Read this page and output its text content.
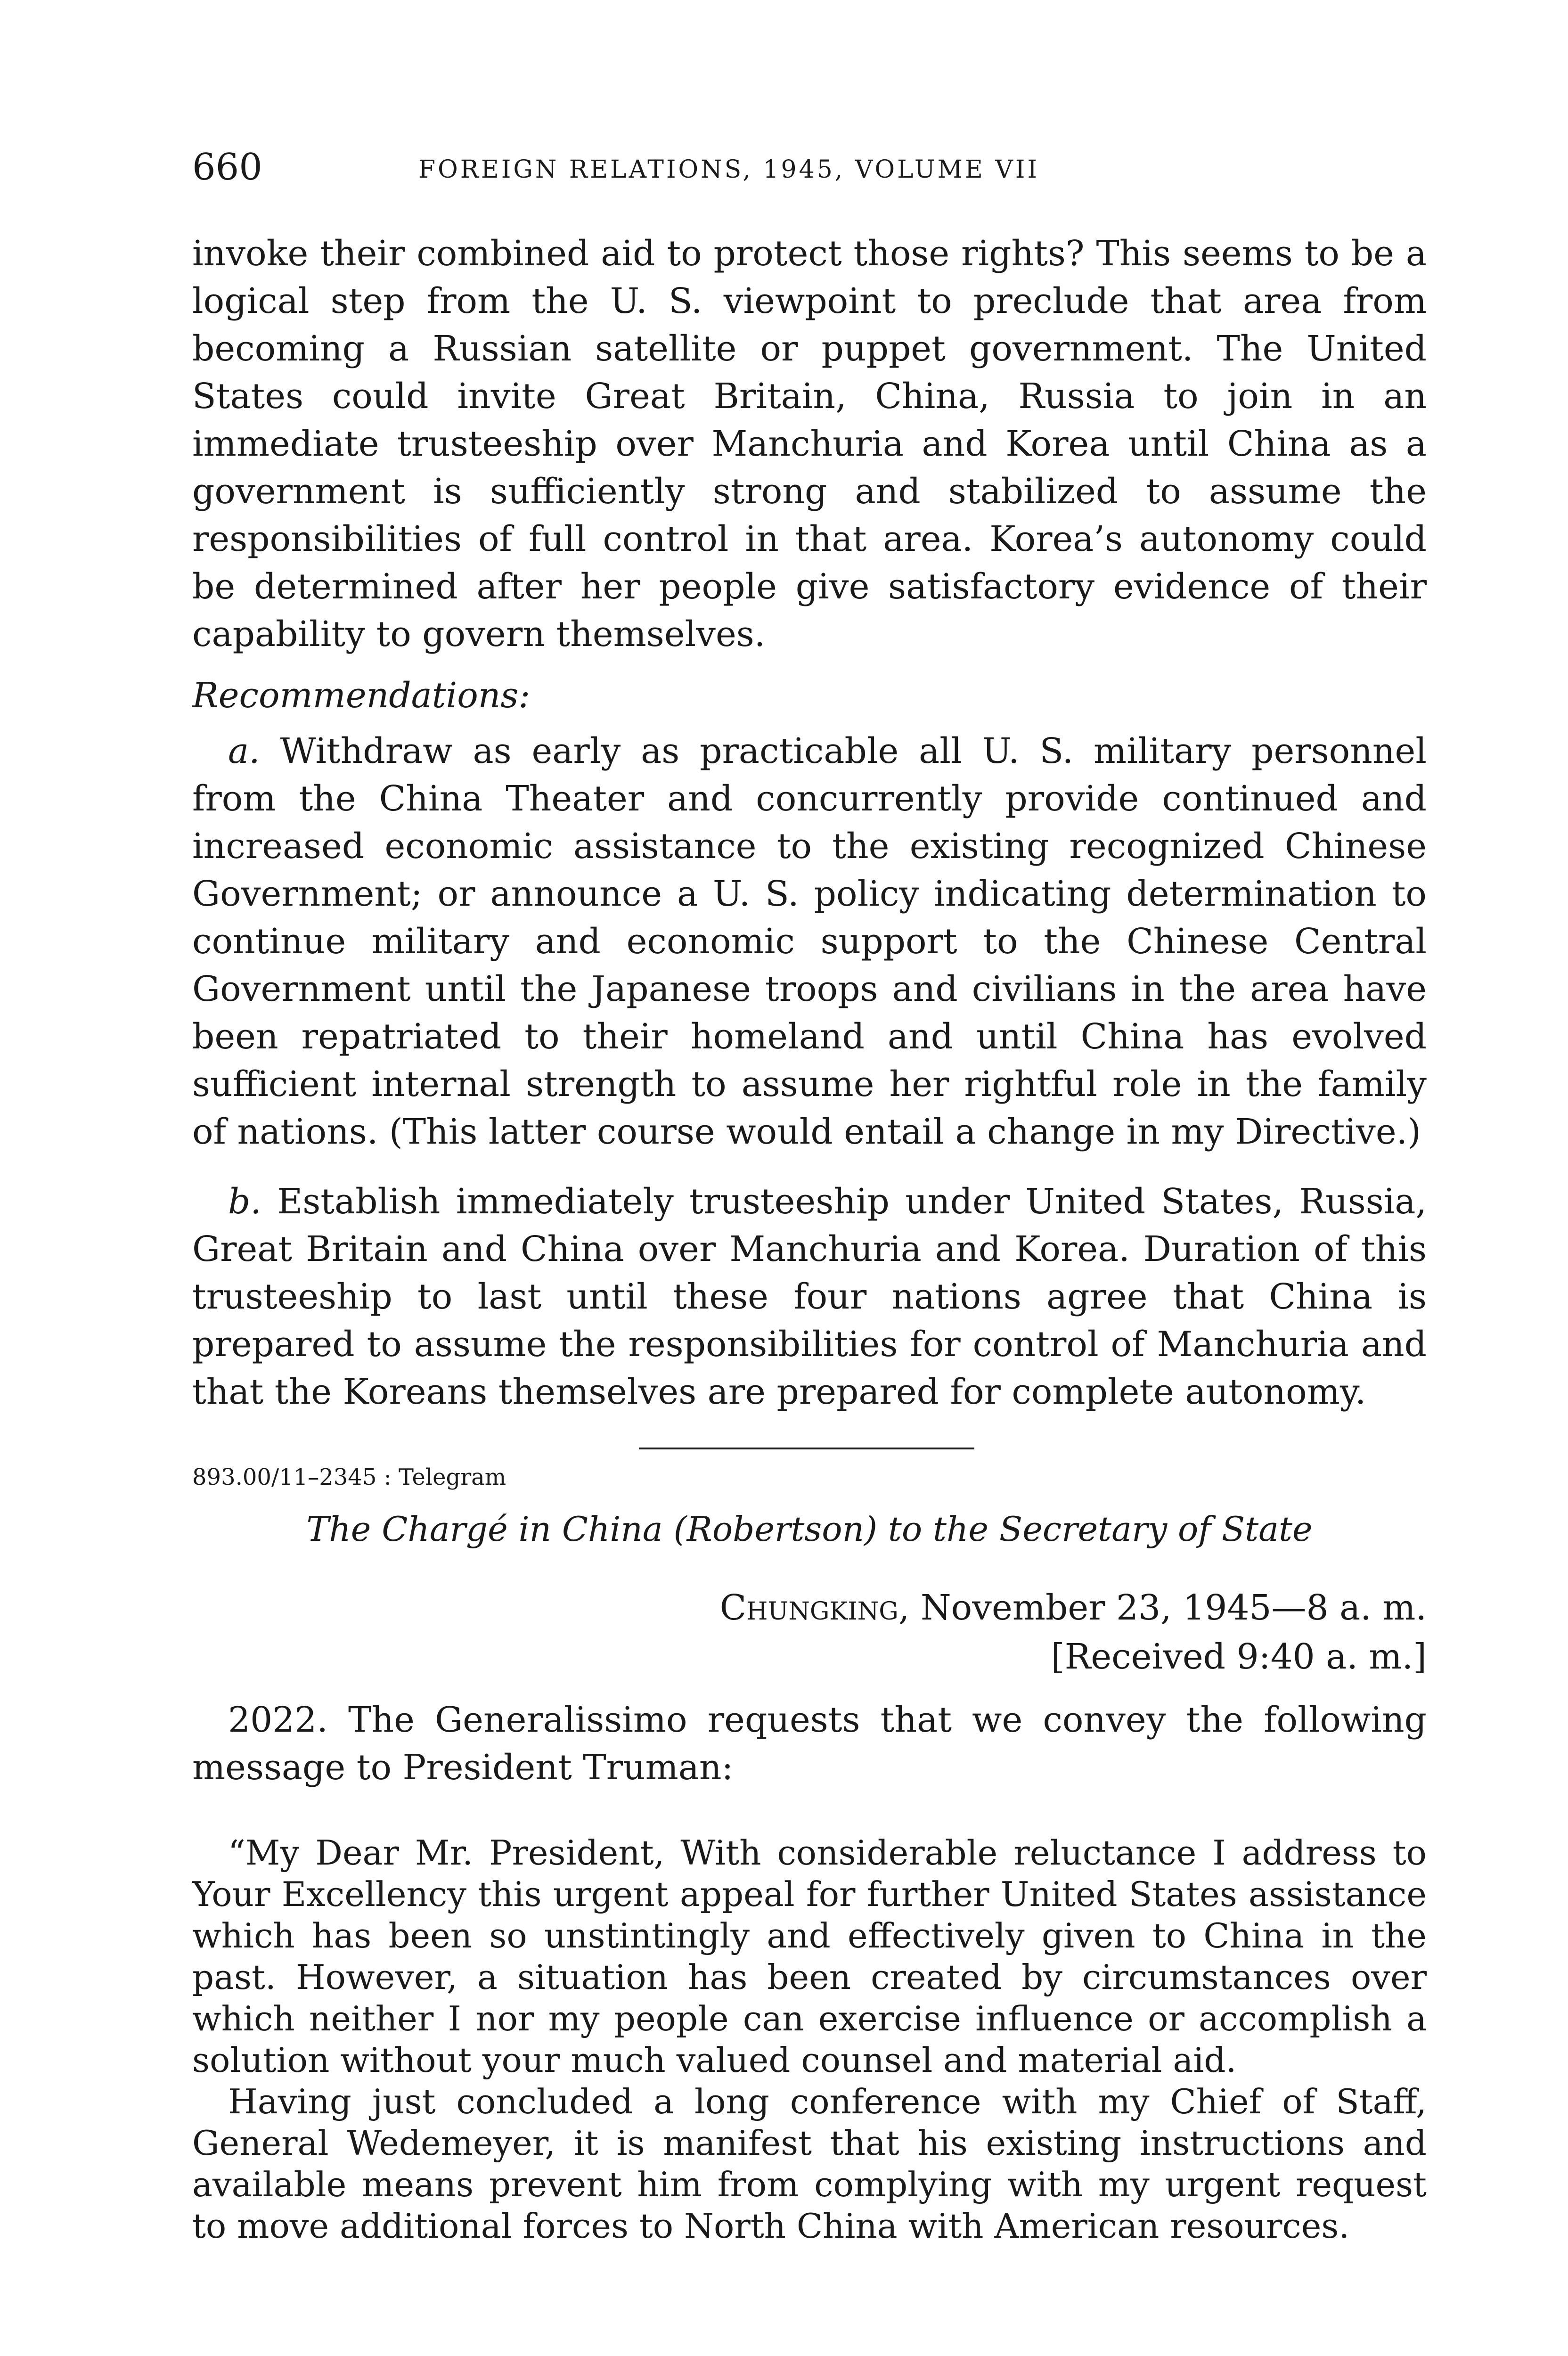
660	FOREIGN RELATIONS, 1945, VOLUME VII

invoke their combined aid to protect those rights? This seems to be a logical step from the U. S. viewpoint to preclude that area from becoming a Russian satellite or puppet government. The United States could invite Great Britain, China, Russia to join in an immediate trusteeship over Manchuria and Korea until China as a government is sufficiently strong and stabilized to assume the responsibilities of full control in that area. Korea’s autonomy could be determined after her people give satisfactory evidence of their capability to govern themselves.

Recommendations:

a. Withdraw as early as practicable all U. S. military personnel from the China Theater and concurrently provide continued and increased economic assistance to the existing recognized Chinese Government; or announce a U. S. policy indicating determination to continue military and economic support to the Chinese Central Government until the Japanese troops and civilians in the area have been repatriated to their homeland and until China has evolved sufficient internal strength to assume her rightful role in the family of nations. (This latter course would entail a change in my Directive.)

b. Establish immediately trusteeship under United States, Russia, Great Britain and China over Manchuria and Korea. Duration of this trusteeship to last until these four nations agree that China is prepared to assume the responsibilities for control of Manchuria and that the Koreans themselves are prepared for complete autonomy.

893.00/11–2345 : Telegram
The Chargé in China (Robertson) to the Secretary of State

Chungking, November 23, 1945—8 a. m.

[Received 9:40 a. m.]

2022. The Generalissimo requests that we convey the following message to President Truman:

“My Dear Mr. President, With considerable reluctance I address to Your Excellency this urgent appeal for further United States assistance which has been so unstintingly and effectively given to China in the past. However, a situation has been created by circumstances over which neither I nor my people can exercise influence or accomplish a solution without your much valued counsel and material aid.

Having just concluded a long conference with my Chief of Staff, General Wedemeyer, it is manifest that his existing instructions and available means prevent him from complying with my urgent request to move additional forces to North China with American resources.
